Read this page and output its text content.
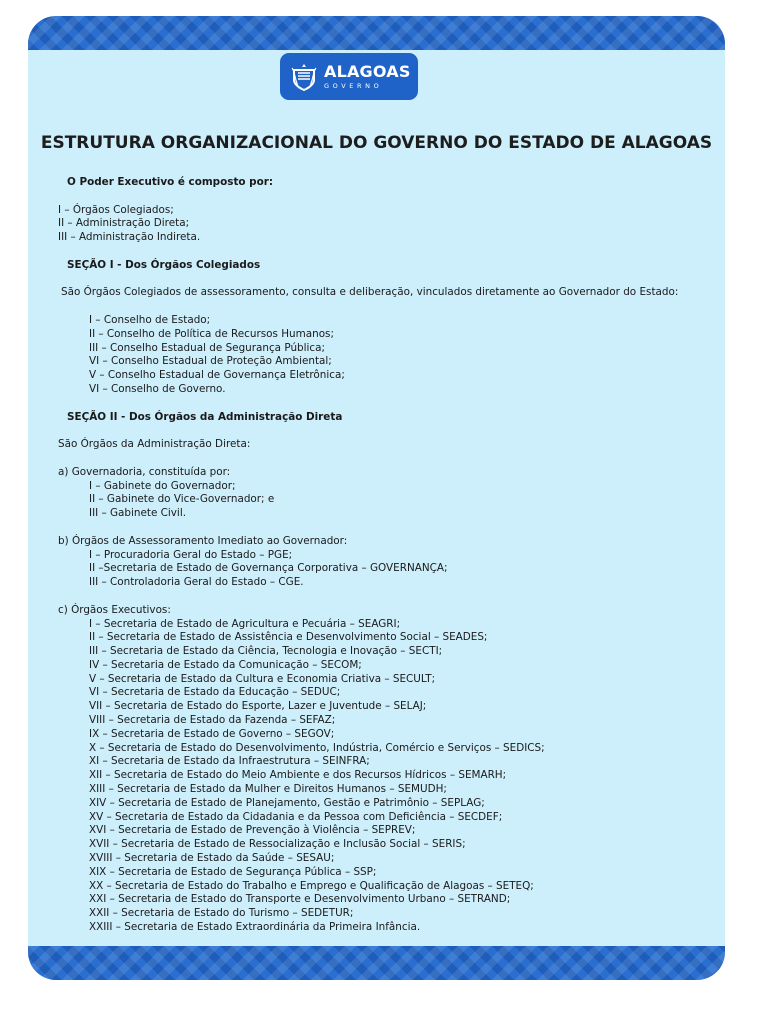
ALAGOAS
GOVERNO
ESTRUTURA ORGANIZACIONAL DO GOVERNO DO ESTADO DE ALAGOAS

O Poder Executivo é composto por:

I – Órgãos Colegiados;

II – Administração Direta;

III – Administração Indireta.

SEÇÃO I - Dos Órgãos Colegiados

São Órgãos Colegiados de assessoramento, consulta e deliberação, vinculados diretamente ao Governador do Estado:

I – Conselho de Estado;

II – Conselho de Política de Recursos Humanos;

III – Conselho Estadual de Segurança Pública;

VI – Conselho Estadual de Proteção Ambiental;

V – Conselho Estadual de Governança Eletrônica;

VI – Conselho de Governo.

SEÇÃO II - Dos Órgãos da Administração Direta

São Órgãos da Administração Direta:

a) Governadoria, constituída por:

I – Gabinete do Governador;

II – Gabinete do Vice-Governador; e

III – Gabinete Civil.

b) Órgãos de Assessoramento Imediato ao Governador:

I – Procuradoria Geral do Estado – PGE;

II –Secretaria de Estado de Governança Corporativa – GOVERNANÇA;

III – Controladoria Geral do Estado – CGE.

c) Órgãos Executivos:

I – Secretaria de Estado de Agricultura e Pecuária – SEAGRI;

II – Secretaria de Estado de Assistência e Desenvolvimento Social – SEADES;

III – Secretaria de Estado da Ciência, Tecnologia e Inovação – SECTI;

IV – Secretaria de Estado da Comunicação – SECOM;

V – Secretaria de Estado da Cultura e Economia Criativa – SECULT;

VI – Secretaria de Estado da Educação – SEDUC;

VII – Secretaria de Estado do Esporte, Lazer e Juventude – SELAJ;

VIII – Secretaria de Estado da Fazenda – SEFAZ;

IX – Secretaria de Estado de Governo – SEGOV;

X – Secretaria de Estado do Desenvolvimento, Indústria, Comércio e Serviços – SEDICS;

XI – Secretaria de Estado da Infraestrutura – SEINFRA;

XII – Secretaria de Estado do Meio Ambiente e dos Recursos Hídricos – SEMARH;

XIII – Secretaria de Estado da Mulher e Direitos Humanos – SEMUDH;

XIV – Secretaria de Estado de Planejamento, Gestão e Patrimônio – SEPLAG;

XV – Secretaria de Estado da Cidadania e da Pessoa com Deficiência – SECDEF;

XVI – Secretaria de Estado de Prevenção à Violência – SEPREV;

XVII – Secretaria de Estado de Ressocialização e Inclusão Social – SERIS;

XVIII – Secretaria de Estado da Saúde – SESAU;

XIX – Secretaria de Estado de Segurança Pública – SSP;

XX – Secretaria de Estado do Trabalho e Emprego e Qualificação de Alagoas – SETEQ;

XXI – Secretaria de Estado do Transporte e Desenvolvimento Urbano – SETRAND;

XXII – Secretaria de Estado do Turismo – SEDETUR;

XXIII – Secretaria de Estado Extraordinária da Primeira Infância.
